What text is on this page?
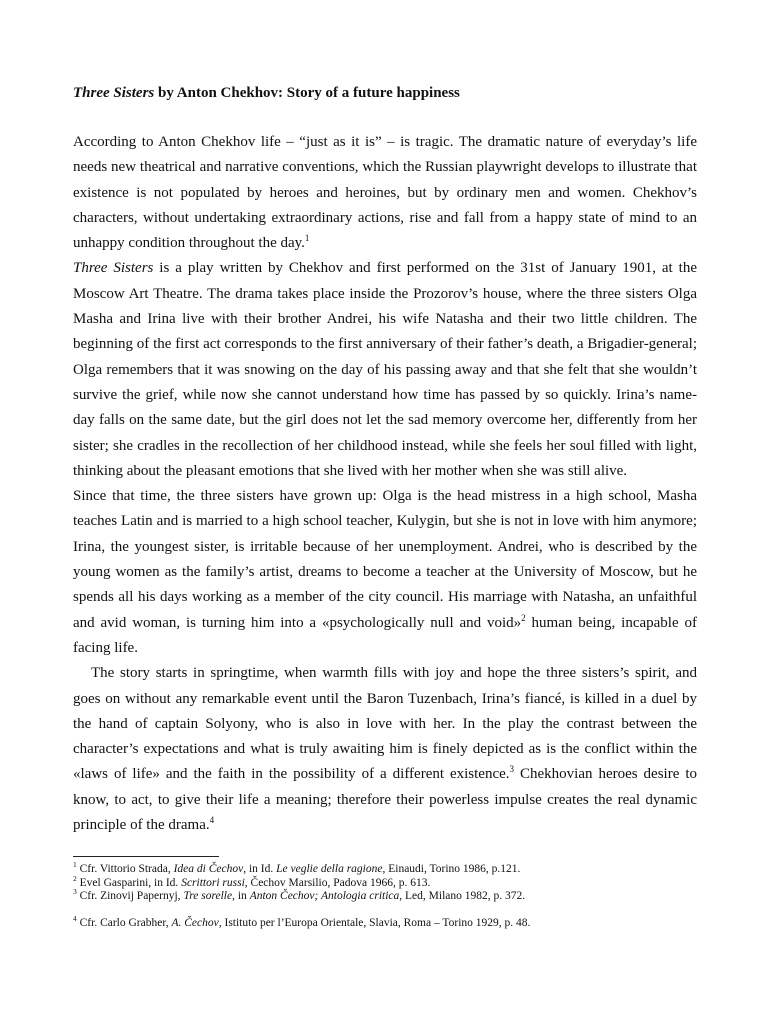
Three Sisters by Anton Chekhov: Story of a future happiness

According to Anton Chekhov life – “just as it is” – is tragic. The dramatic nature of everyday’s life needs new theatrical and narrative conventions, which the Russian playwright develops to illustrate that existence is not populated by heroes and heroines, but by ordinary men and women. Chekhov’s characters, without undertaking extraordinary actions, rise and fall from a happy state of mind to an unhappy condition throughout the day.$^1$

Three Sisters is a play written by Chekhov and first performed on the 31st of January 1901, at the Moscow Art Theatre. The drama takes place inside the Prozorov’s house, where the three sisters Olga Masha and Irina live with their brother Andrei, his wife Natasha and their two little children. The beginning of the first act corresponds to the first anniversary of their father’s death, a Brigadier-general; Olga remembers that it was snowing on the day of his passing away and that she felt that she wouldn’t survive the grief, while now she cannot understand how time has passed by so quickly. Irina’s name-day falls on the same date, but the girl does not let the sad memory overcome her, differently from her sister; she cradles in the recollection of her childhood instead, while she feels her soul filled with light, thinking about the pleasant emotions that she lived with her mother when she was still alive.

Since that time, the three sisters have grown up: Olga is the head mistress in a high school, Masha teaches Latin and is married to a high school teacher, Kulygin, but she is not in love with him anymore; Irina, the youngest sister, is irritable because of her unemployment. Andrei, who is described by the young women as the family’s artist, dreams to become a teacher at the University of Moscow, but he spends all his days working as a member of the city council. His marriage with Natasha, an unfaithful and avid woman, is turning him into a «psychologically null and void»$^2$ human being, incapable of facing life.

The story starts in springtime, when warmth fills with joy and hope the three sisters’s spirit, and goes on without any remarkable event until the Baron Tuzenbach, Irina’s fiancé, is killed in a duel by the hand of captain Solyony, who is also in love with her. In the play the contrast between the character’s expectations and what is truly awaiting him is finely depicted as is the conflict within the «laws of life» and the faith in the possibility of a different existence.$^3$ Chekhovian heroes desire to know, to act, to give their life a meaning; therefore their powerless impulse creates the real dynamic principle of the drama.$^4$

$^1$ Cfr. Vittorio Strada, Idea di Čechov, in Id. Le veglie della ragione, Einaudi, Torino 1986, p.121.

$^2$ Evel Gasparini, in Id. Scrittori russi, Čechov Marsilio, Padova 1966, p. 613.

$^3$ Cfr. Zinovij Papernyj, Tre sorelle, in Anton Čechov; Antologia critica, Led, Milano 1982, p. 372.

$^4$ Cfr. Carlo Grabher, A. Čechov, Istituto per l’Europa Orientale, Slavia, Roma – Torino 1929, p. 48.
